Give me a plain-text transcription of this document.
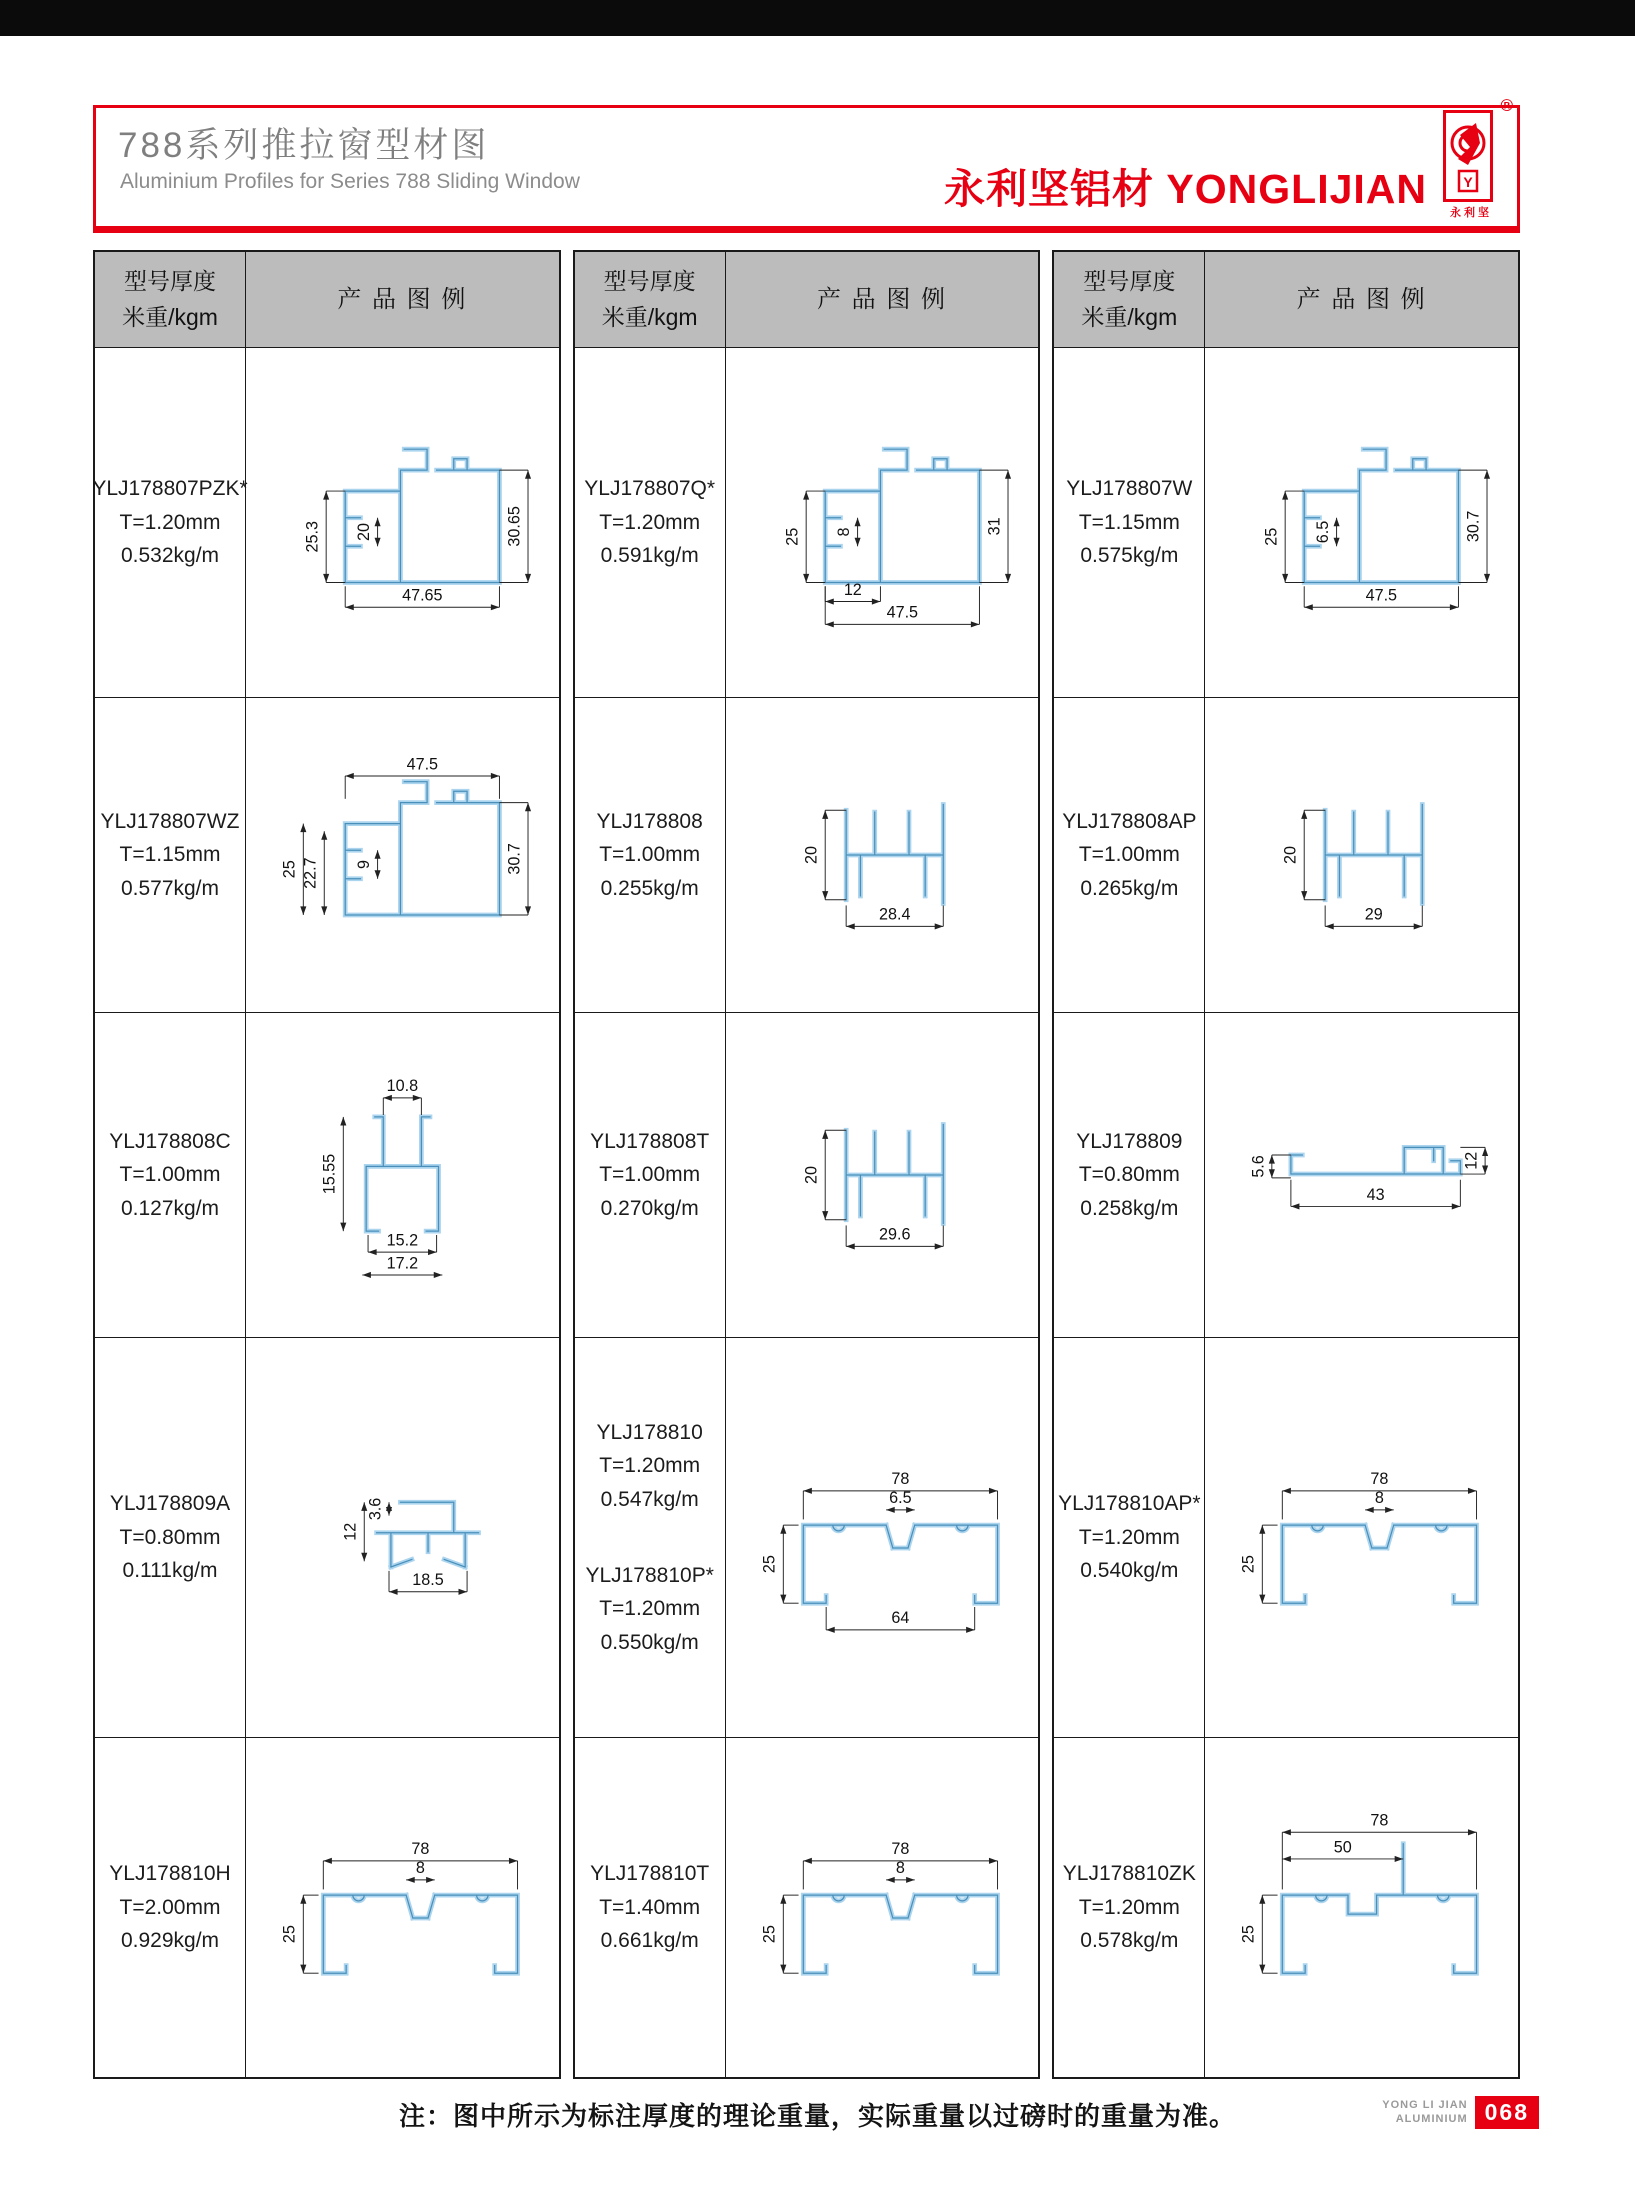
788系列推拉窗型材图
Aluminium Profiles for Series 788 Sliding Window	永利坚铝材 YONGLIJIAN	Y
®
永利坚
型号厚度
米重/kgm
产 品 图 例
YLJ178807PZK*
T=1.20mm
0.532kg/m
25.3 20	30.65
47.65
YLJ178807WZ
T=1.15mm
0.577kg/m
47.5
25 22.7 9	30.7
YLJ178808C
T=1.00mm
0.127kg/m
10.8
15.55
15.2
17.2
YLJ178809A
T=0.80mm
0.111kg/m
3.6
12
18.5
YLJ178810H
T=2.00mm
0.929kg/m
78
8
25
型号厚度
米重/kgm
产 品 图 例
YLJ178807Q*
T=1.20mm
0.591kg/m
25 8	31
12
47.5
YLJ178808
T=1.00mm
0.255kg/m
20
28.4
YLJ178808T
T=1.00mm
0.270kg/m
20
29.6
YLJ178810
T=1.20mm
0.547kg/m
YLJ178810P*
T=1.20mm
0.550kg/m
78
6.5
25
64
YLJ178810T
T=1.40mm
0.661kg/m
78
8
25
型号厚度
米重/kgm
产 品 图 例
YLJ178807W
T=1.15mm
0.575kg/m
25 6.5	30.7
47.5
YLJ178808AP
T=1.00mm
0.265kg/m
20
29
YLJ178809
T=0.80mm
0.258kg/m
5.6	12
43
YLJ178810AP*
T=1.20mm
0.540kg/m
78
8
25
YLJ178810ZK
T=1.20mm
0.578kg/m
78
50
25
注：图中所示为标注厚度的理论重量，实际重量以过磅时的重量为准。	YONG LI JIAN
ALUMINIUM 068
